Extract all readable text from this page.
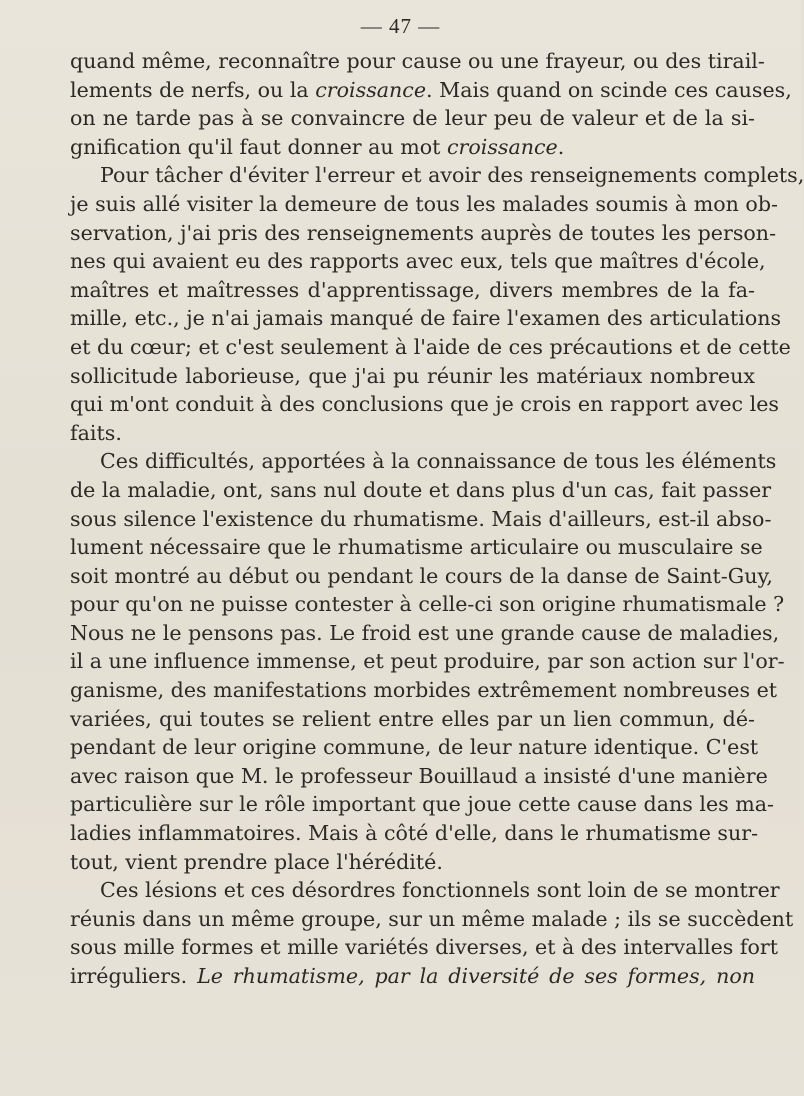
— 47 —
quand même, reconnaître pour cause ou une frayeur, ou des tirail-
lements de nerfs, ou la croissance. Mais quand on scinde ces causes,
on ne tarde pas à se convaincre de leur peu de valeur et de la si-
gnification qu'il faut donner au mot croissance.
Pour tâcher d'éviter l'erreur et avoir des renseignements complets,
je suis allé visiter la demeure de tous les malades soumis à mon ob-
servation, j'ai pris des renseignements auprès de toutes les person-
nes qui avaient eu des rapports avec eux, tels que maîtres d'école,
maîtres et maîtresses d'apprentissage, divers membres de la fa-
mille, etc., je n'ai jamais manqué de faire l'examen des articulations
et du cœur; et c'est seulement à l'aide de ces précautions et de cette
sollicitude laborieuse, que j'ai pu réunir les matériaux nombreux
qui m'ont conduit à des conclusions que je crois en rapport avec les
faits.
Ces difficultés, apportées à la connaissance de tous les éléments
de la maladie, ont, sans nul doute et dans plus d'un cas, fait passer
sous silence l'existence du rhumatisme. Mais d'ailleurs, est-il abso-
lument nécessaire que le rhumatisme articulaire ou musculaire se
soit montré au début ou pendant le cours de la danse de Saint-Guy,
pour qu'on ne puisse contester à celle-ci son origine rhumatismale ?
Nous ne le pensons pas. Le froid est une grande cause de maladies,
il a une influence immense, et peut produire, par son action sur l'or-
ganisme, des manifestations morbides extrêmement nombreuses et
variées, qui toutes se relient entre elles par un lien commun, dé-
pendant de leur origine commune, de leur nature identique. C'est
avec raison que M. le professeur Bouillaud a insisté d'une manière
particulière sur le rôle important que joue cette cause dans les ma-
ladies inflammatoires. Mais à côté d'elle, dans le rhumatisme sur-
tout, vient prendre place l'hérédité.
Ces lésions et ces désordres fonctionnels sont loin de se montrer
réunis dans un même groupe, sur un même malade ; ils se succèdent
sous mille formes et mille variétés diverses, et à des intervalles fort
irréguliers. Le rhumatisme, par la diversité de ses formes, non
